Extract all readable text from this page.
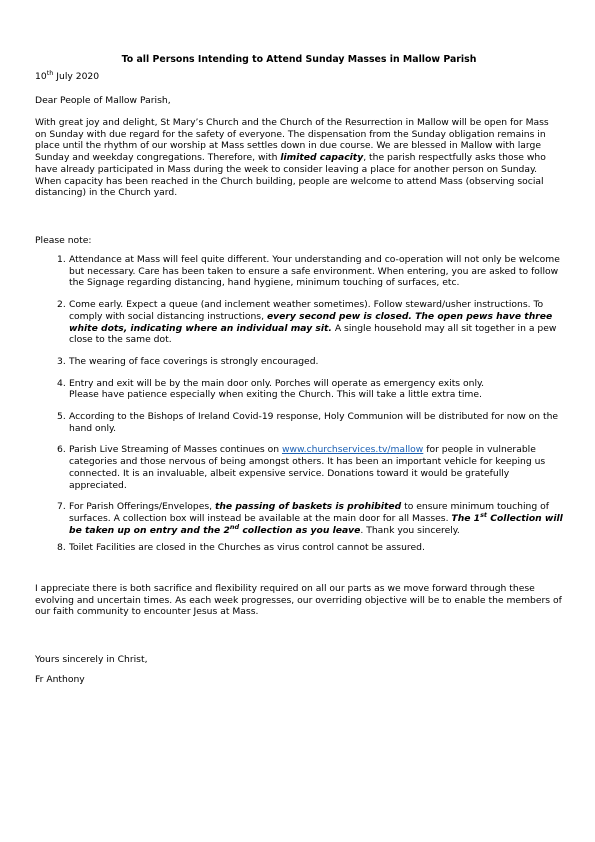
To all Persons Intending to Attend Sunday Masses in Mallow Parish
10th July 2020
Dear People of Mallow Parish,

With great joy and delight, St Mary’s Church and the Church of the Resurrection in Mallow will be open for Mass on Sunday with due regard for the safety of everyone. The dispensation from the Sunday obligation remains in place until the rhythm of our worship at Mass settles down in due course. We are blessed in Mallow with large Sunday and weekday congregations. Therefore, with limited capacity, the parish respectfully asks those who have already participated in Mass during the week to consider leaving a place for another person on Sunday. When capacity has been reached in the Church building, people are welcome to attend Mass (observing social distancing) in the Church yard.

Please note:
1. Attendance at Mass will feel quite different. Your understanding and co-operation will not only be welcome but necessary. Care has been taken to ensure a safe environment. When entering, you are asked to follow the Signage regarding distancing, hand hygiene, minimum touching of surfaces, etc.
2. Come early. Expect a queue (and inclement weather sometimes). Follow steward/usher instructions. To comply with social distancing instructions, every second pew is closed. The open pews have three white dots, indicating where an individual may sit. A single household may all sit together in a pew close to the same dot.
3. The wearing of face coverings is strongly encouraged.
4. Entry and exit will be by the main door only. Porches will operate as emergency exits only.
Please have patience especially when exiting the Church. This will take a little extra time.
5. According to the Bishops of Ireland Covid-19 response, Holy Communion will be distributed for now on the hand only.
6. Parish Live Streaming of Masses continues on www.churchservices.tv/mallow for people in vulnerable categories and those nervous of being amongst others. It has been an important vehicle for keeping us connected. It is an invaluable, albeit expensive service. Donations toward it would be gratefully appreciated.
7. For Parish Offerings/Envelopes, the passing of baskets is prohibited to ensure minimum touching of surfaces. A collection box will instead be available at the main door for all Masses. The 1st Collection will be taken up on entry and the 2nd collection as you leave. Thank you sincerely.
8. Toilet Facilities are closed in the Churches as virus control cannot be assured.

I appreciate there is both sacrifice and flexibility required on all our parts as we move forward through these evolving and uncertain times. As each week progresses, our overriding objective will be to enable the members of our faith community to encounter Jesus at Mass.

Yours sincerely in Christ,
Fr Anthony
